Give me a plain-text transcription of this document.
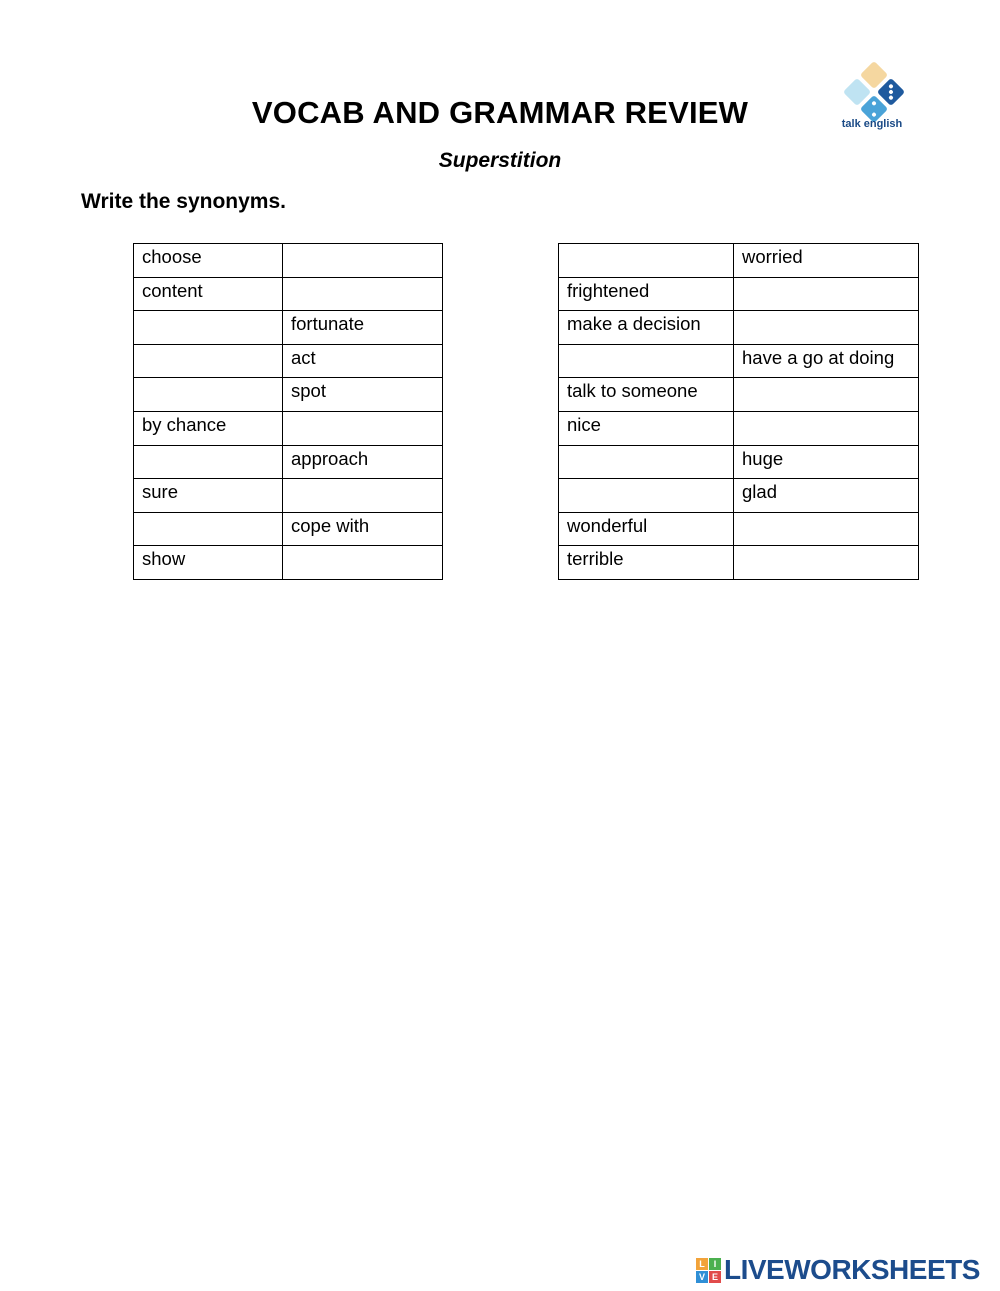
VOCAB AND GRAMMAR REVIEW
Superstition
talk english
Write the synonyms.
choose	
content	
	fortunate
	act
	spot
by chance	
	approach
sure	
	cope with
show	
	worried
frightened	
make a decision	
	have a go at doing
talk to someone	
nice	
	huge
	glad
wonderful	
terrible	
L I
V E LIVEWORKSHEETS
